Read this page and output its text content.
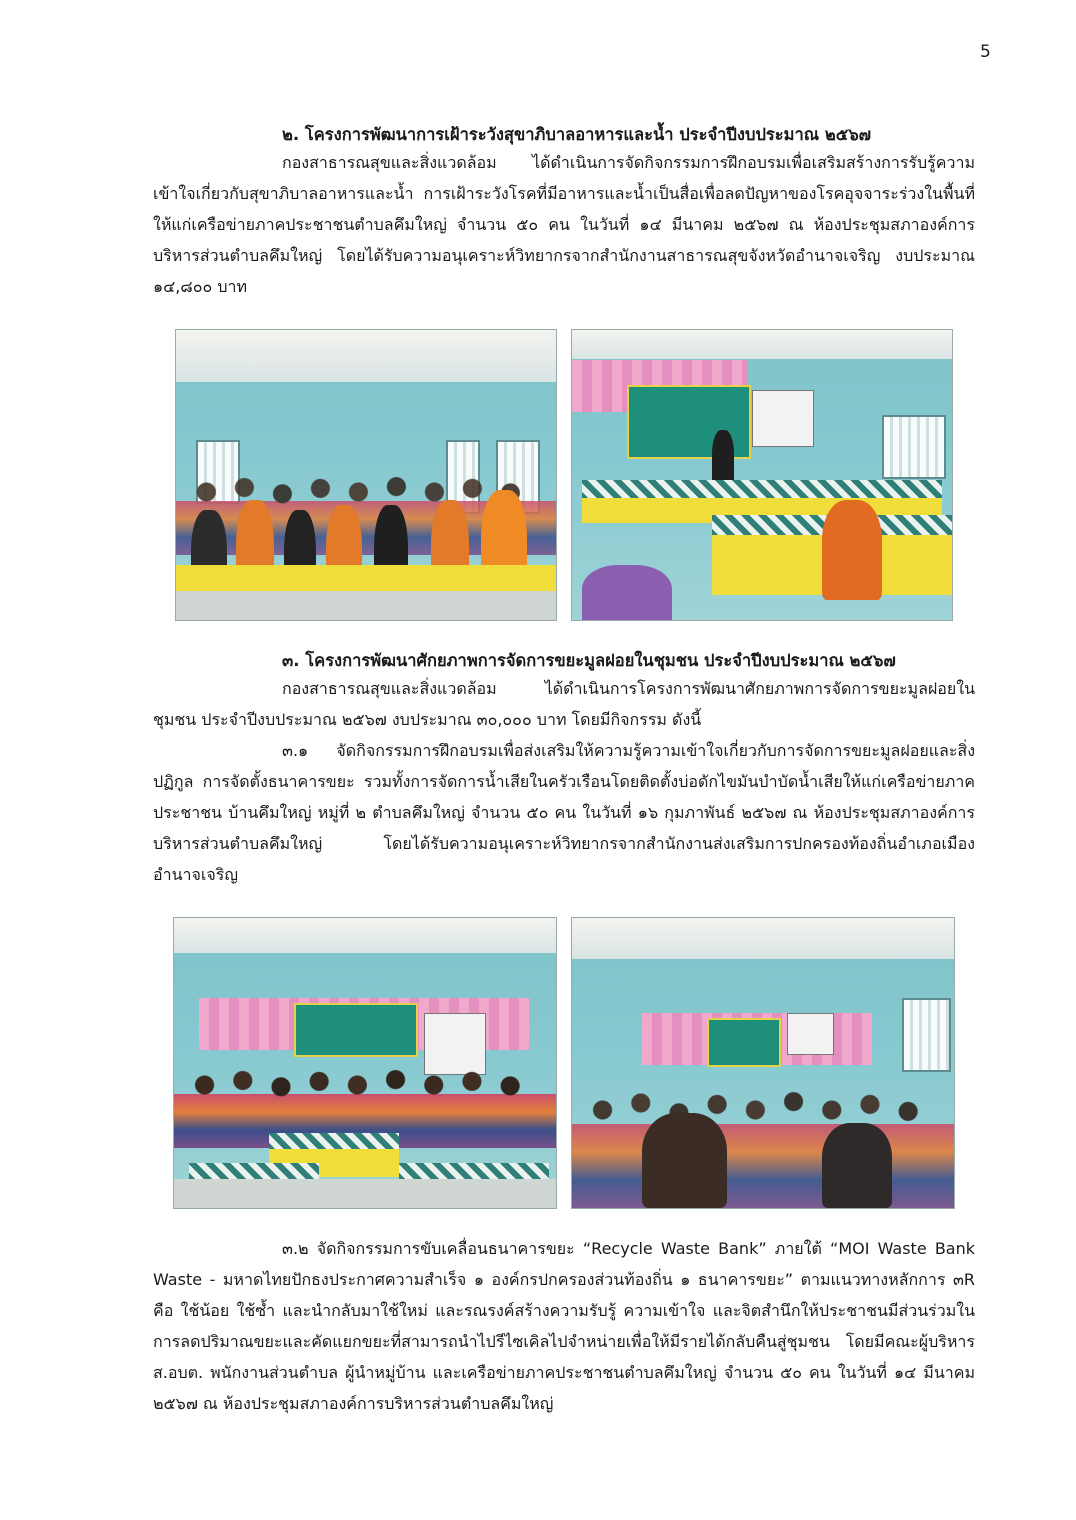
5
๒. โครงการพัฒนาการเฝ้าระวังสุขาภิบาลอาหารและน้ำ ประจำปีงบประมาณ ๒๕๖๗

กองสาธารณสุขและสิ่งแวดล้อม ได้ดำเนินการจัดกิจกรรมการฝึกอบรมเพื่อเสริมสร้างการรับรู้ความเข้าใจเกี่ยวกับสุขาภิบาลอาหารและน้ำ การเฝ้าระวังโรคที่มีอาหารและน้ำเป็นสื่อเพื่อลดปัญหาของโรคอุจจาระร่วงในพื้นที่ให้แก่เครือข่ายภาคประชาชนตำบลคึมใหญ่ จำนวน ๕๐ คน ในวันที่ ๑๔ มีนาคม ๒๕๖๗ ณ ห้องประชุมสภาองค์การบริหารส่วนตำบลคึมใหญ่ โดยได้รับความอนุเคราะห์วิทยากรจากสำนักงานสาธารณสุขจังหวัดอำนาจเจริญ งบประมาณ ๑๔,๘๐๐ บาท

๓. โครงการพัฒนาศักยภาพการจัดการขยะมูลฝอยในชุมชน ประจำปีงบประมาณ ๒๕๖๗

กองสาธารณสุขและสิ่งแวดล้อม ได้ดำเนินการโครงการพัฒนาศักยภาพการจัดการขยะมูลฝอยในชุมชน ประจำปีงบประมาณ ๒๕๖๗ งบประมาณ ๓๐,๐๐๐ บาท โดยมีกิจกรรม ดังนี้

๓.๑ จัดกิจกรรมการฝึกอบรมเพื่อส่งเสริมให้ความรู้ความเข้าใจเกี่ยวกับการจัดการขยะมูลฝอยและสิ่งปฏิกูล การจัดตั้งธนาคารขยะ รวมทั้งการจัดการน้ำเสียในครัวเรือนโดยติดตั้งบ่อดักไขมันบำบัดน้ำเสียให้แก่เครือข่ายภาคประชาชน บ้านคึมใหญ่ หมู่ที่ ๒ ตำบลคึมใหญ่ จำนวน ๕๐ คน ในวันที่ ๑๖ กุมภาพันธ์ ๒๕๖๗ ณ ห้องประชุมสภาองค์การบริหารส่วนตำบลคึมใหญ่ โดยได้รับความอนุเคราะห์วิทยากรจากสำนักงานส่งเสริมการปกครองท้องถิ่นอำเภอเมืองอำนาจเจริญ

๓.๒ จัดกิจกรรมการขับเคลื่อนธนาคารขยะ “Recycle Waste Bank” ภายใต้ “MOI Waste Bank Waste - มหาดไทยปักธงประกาศความสำเร็จ ๑ องค์กรปกครองส่วนท้องถิ่น ๑ ธนาคารขยะ” ตามแนวทางหลักการ ๓R คือ ใช้น้อย ใช้ซ้ำ และนำกลับมาใช้ใหม่ และรณรงค์สร้างความรับรู้ ความเข้าใจ และจิตสำนึกให้ประชาชนมีส่วนร่วมในการลดปริมาณขยะและคัดแยกขยะที่สามารถนำไปรีไซเคิลไปจำหน่ายเพื่อให้มีรายได้กลับคืนสู่ชุมชน โดยมีคณะผู้บริหาร ส.อบต. พนักงานส่วนตำบล ผู้นำหมู่บ้าน และเครือข่ายภาคประชาชนตำบลคึมใหญ่ จำนวน ๕๐ คน ในวันที่ ๑๔ มีนาคม ๒๕๖๗ ณ ห้องประชุมสภาองค์การบริหารส่วนตำบลคึมใหญ่
